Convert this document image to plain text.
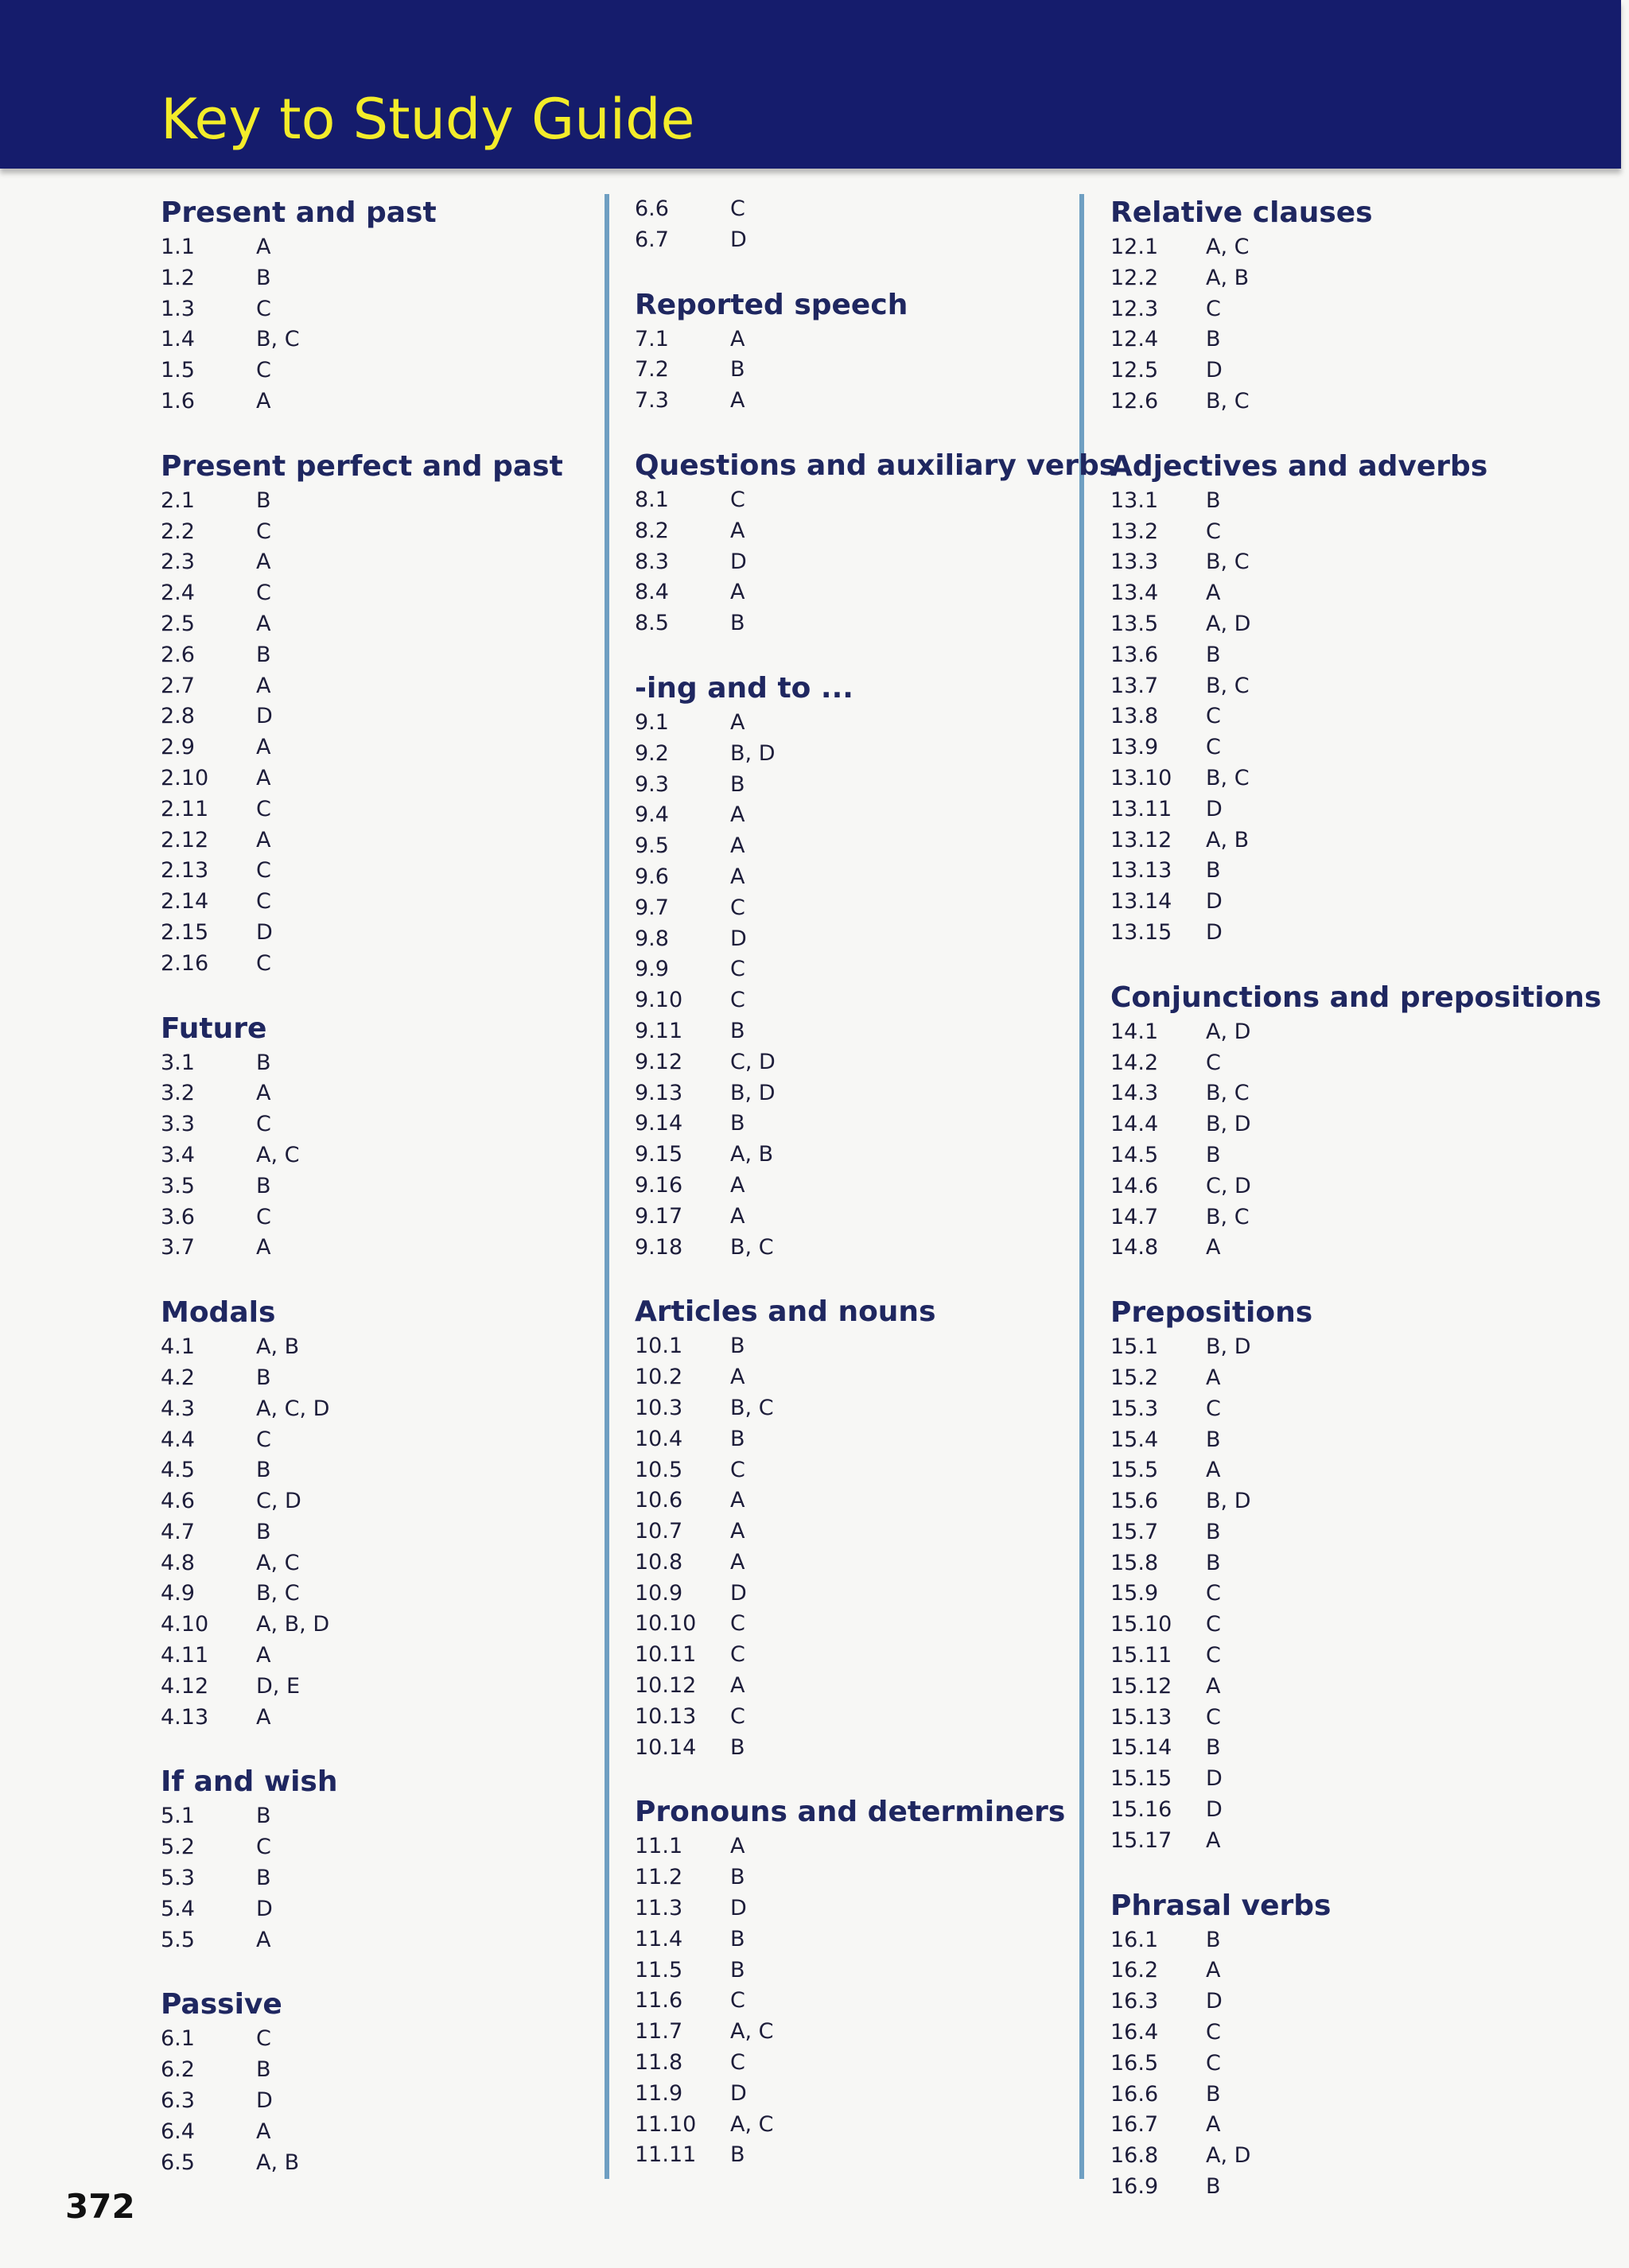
Key to Study Guide
Present and past
1.1	A
1.2	B
1.3	C
1.4	B, C
1.5	C
1.6	A
Present perfect and past
2.1	B
2.2	C
2.3	A
2.4	C
2.5	A
2.6	B
2.7	A
2.8	D
2.9	A
2.10 A
2.11 C
2.12 A
2.13 C
2.14 C
2.15 D
2.16 C
Future
3.1	B
3.2	A
3.3	C
3.4	A, C
3.5	B
3.6	C
3.7	A
Modals
4.1	A, B
4.2	B
4.3	A, C, D
4.4	C
4.5	B
4.6	C, D
4.7	B
4.8	A, C
4.9	B, C
4.10 A, B, D
4.11 A
4.12 D, E
4.13 A
If and wish
5.1	B
5.2	C
5.3	B
5.4	D
5.5	A
Passive
6.1	C
6.2	B
6.3	D
6.4	A
6.5	A, B
6.6	C
6.7	D
Reported speech
7.1	A
7.2	B
7.3	A
Questions and auxiliary verbs
8.1	C
8.2	A
8.3	D
8.4	A
8.5	B
-ing and to ...
9.1	A
9.2	B, D
9.3	B
9.4	A
9.5	A
9.6	A
9.7	C
9.8	D
9.9	C
9.10 C
9.11 B
9.12 C, D
9.13 B, D
9.14 B
9.15 A, B
9.16 A
9.17 A
9.18 B, C
Articles and nouns
10.1 B
10.2 A
10.3 B, C
10.4 B
10.5 C
10.6 A
10.7 A
10.8 A
10.9 D
10.10 C
10.11 C
10.12 A
10.13 C
10.14 B
Pronouns and determiners
11.1 A
11.2 B
11.3 D
11.4 B
11.5 B
11.6 C
11.7 A, C
11.8 C
11.9 D
11.10 A, C
11.11 B
Relative clauses
12.1 A, C
12.2 A, B
12.3 C
12.4 B
12.5 D
12.6 B, C
Adjectives and adverbs
13.1 B
13.2 C
13.3 B, C
13.4 A
13.5 A, D
13.6 B
13.7 B, C
13.8 C
13.9 C
13.10 B, C
13.11 D
13.12 A, B
13.13 B
13.14 D
13.15 D
Conjunctions and prepositions
14.1 A, D
14.2 C
14.3 B, C
14.4 B, D
14.5 B
14.6 C, D
14.7 B, C
14.8 A
Prepositions
15.1 B, D
15.2 A
15.3 C
15.4 B
15.5 A
15.6 B, D
15.7 B
15.8 B
15.9 C
15.10 C
15.11 C
15.12 A
15.13 C
15.14 B
15.15 D
15.16 D
15.17 A
Phrasal verbs
16.1 B
16.2 A
16.3 D
16.4 C
16.5 C
16.6 B
16.7 A
16.8 A, D
16.9 B
372
